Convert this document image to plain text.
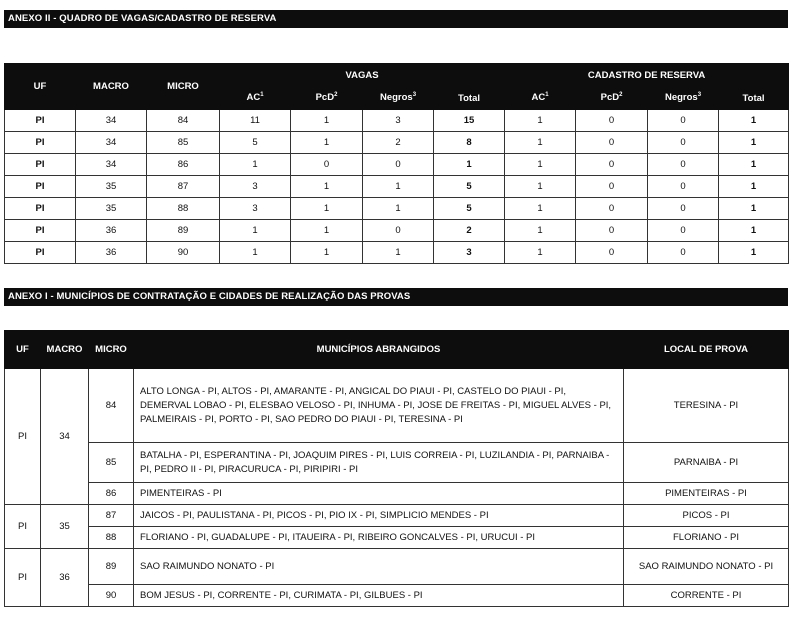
ANEXO II - QUADRO DE VAGAS/CADASTRO DE RESERVA
UF	MACRO	MICRO	VAGAS				CADASTRO DE RESERVA			
			$AC^1$	PcD$^2$	Negros$^3$	Total	$AC^1$	PcD$^2$	Negros$^3$	Total
PI	34	84	11	1	3	15	1	0	0	1
PI	34	85	5	1	2	8	1	0	0	1
PI	34	86	1	0	0	1	1	0	0	1
PI	35	87	3	1	1	5	1	0	0	1
PI	35	88	3	1	1	5	1	0	0	1
PI	36	89	1	1	0	2	1	0	0	1
PI	36	90	1	1	1	3	1	0	0	1
ANEXO I - MUNICÍPIOS DE CONTRATAÇÃO E CIDADES DE REALIZAÇÃO DAS PROVAS
UF	MACRO	MICRO	MUNICÍPIOS ABRANGIDOS	LOCAL DE PROVA
PI	34	84	ALTO LONGA - PI, ALTOS - PI, AMARANTE - PI, ANGICAL DO PIAUI - PI, CASTELO DO PIAUI - PI, DEMERVAL LOBAO - PI, ELESBAO VELOSO - PI, INHUMA - PI, JOSE DE FREITAS - PI, MIGUEL ALVES - PI, PALMEIRAIS - PI, PORTO - PI, SAO PEDRO DO PIAUI - PI, TERESINA - PI	TERESINA - PI
		85	BATALHA - PI, ESPERANTINA - PI, JOAQUIM PIRES - PI, LUIS CORREIA - PI, LUZILANDIA - PI, PARNAIBA - PI, PEDRO II - PI, PIRACURUCA - PI, PIRIPIRI - PI	PARNAIBA - PI
		86	PIMENTEIRAS - PI	PIMENTEIRAS - PI
PI	35	87	JAICOS - PI, PAULISTANA - PI, PICOS - PI, PIO IX - PI, SIMPLICIO MENDES - PI	PICOS - PI
		88	FLORIANO - PI, GUADALUPE - PI, ITAUEIRA - PI, RIBEIRO GONCALVES - PI, URUCUI - PI	FLORIANO - PI
PI	36	89	SAO RAIMUNDO NONATO - PI	SAO RAIMUNDO NONATO - PI
		90	BOM JESUS - PI, CORRENTE - PI, CURIMATA - PI, GILBUES - PI	CORRENTE - PI
